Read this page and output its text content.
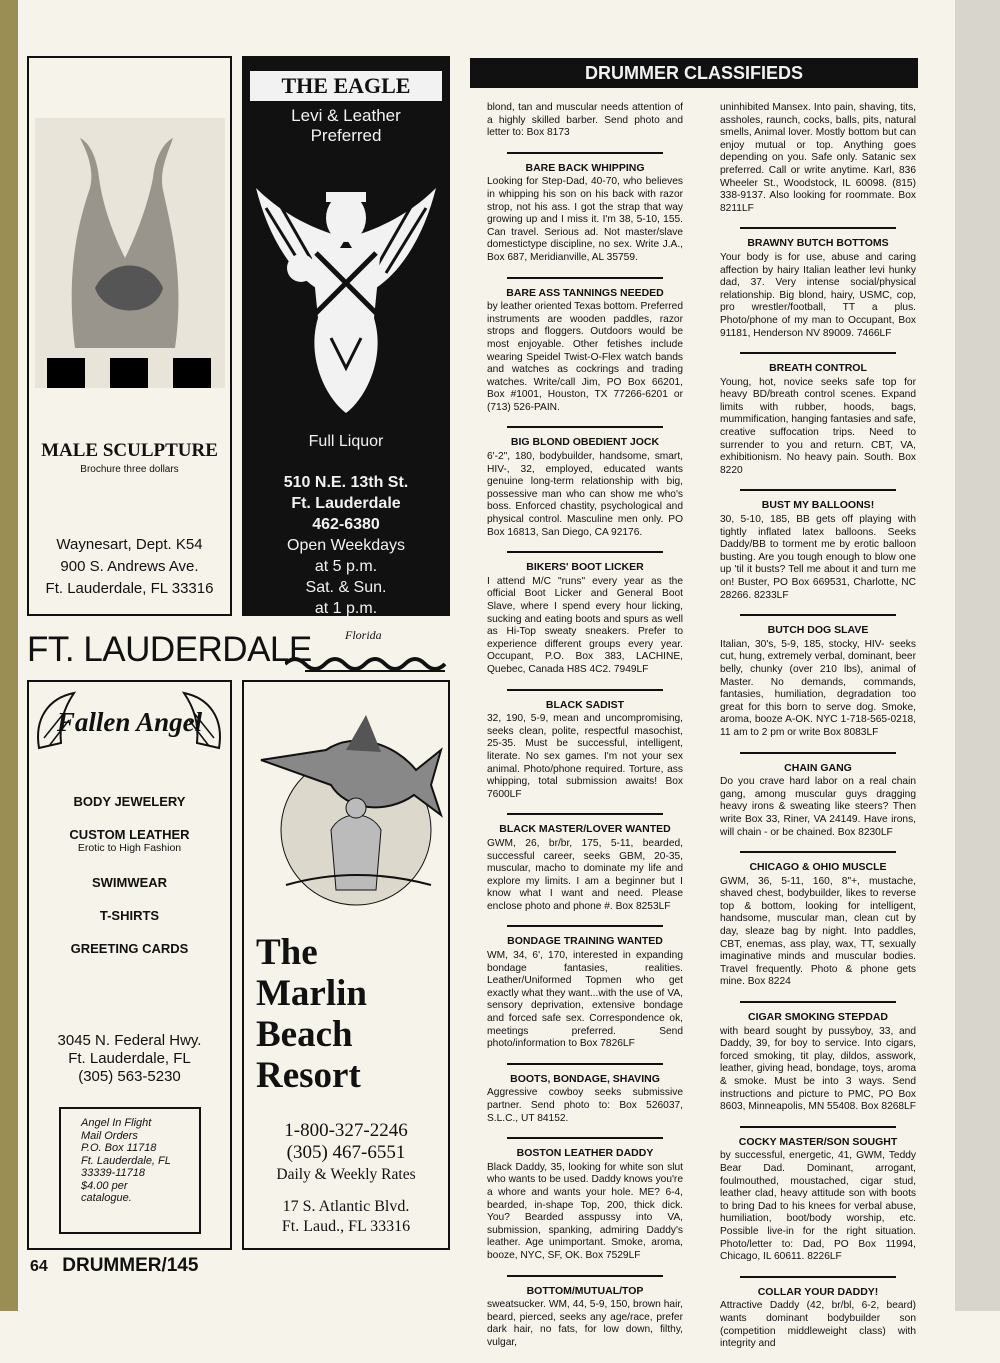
MALE SCULPTURE
Brochure three dollars
Waynesart, Dept. K54
900 S. Andrews Ave.
Ft. Lauderdale, FL 33316
THE EAGLE
Levi & Leather
Preferred
Full Liquor
510 N.E. 13th St.
Ft. Lauderdale
462-6380
Open Weekdays
at 5 p.m.
Sat. & Sun.
at 1 p.m.
FT. LAUDERDALE	Florida
Fallen Angel
BODY JEWELERY
CUSTOM LEATHER
Erotic to High Fashion
SWIMWEAR
T-SHIRTS
GREETING CARDS
3045 N. Federal Hwy.
Ft. Lauderdale, FL
(305) 563-5230
Angel In Flight
Mail Orders
P.O. Box 11718
Ft. Lauderdale, FL
33339-11718
$4.00 per
catalogue.
The
Marlin
Beach
Resort
1-800-327-2246
(305) 467-6551
Daily & Weekly Rates
17 S. Atlantic Blvd.
Ft. Laud., FL 33316
64 DRUMMER/145
DRUMMER CLASSIFIEDS

blond, tan and muscular needs attention of a highly skilled barber. Send photo and letter to: Box 8173

BARE BACK WHIPPING

Looking for Step-Dad, 40-70, who believes in whipping his son on his back with razor strop, not his ass. I got the strap that way growing up and I miss it. I'm 38, 5-10, 155. Can travel. Serious ad. Not master/slave domestictype discipline, no sex. Write J.A., Box 687, Meridianville, AL 35759.

BARE ASS TANNINGS NEEDED

by leather oriented Texas bottom. Preferred instruments are wooden paddles, razor strops and floggers. Outdoors would be most enjoyable. Other fetishes include wearing Speidel Twist-O-Flex watch bands and watches as cockrings and trading watches. Write/call Jim, PO Box 66201, Box #1001, Houston, TX 77266-6201 or (713) 526-PAIN.

BIG BLOND OBEDIENT JOCK

6'-2", 180, bodybuilder, handsome, smart, HIV-, 32, employed, educated wants genuine long-term relationship with big, possessive man who can show me who's boss. Enforced chastity, psychological and physical control. Masculine men only. PO Box 16813, San Diego, CA 92176.

BIKERS' BOOT LICKER

I attend M/C "runs" every year as the official Boot Licker and General Boot Slave, where I spend every hour licking, sucking and eating boots and spurs as well as Hi-Top sweaty sneakers. Prefer to experience different groups every year. Occupant, P.O. Box 383, LACHINE, Quebec, Canada H8S 4C2. 7949LF

BLACK SADIST

32, 190, 5-9, mean and uncompromising, seeks clean, polite, respectful masochist, 25-35. Must be successful, intelligent, literate. No sex games. I'm not your sex animal. Photo/phone required. Torture, ass whipping, total submission awaits! Box 7600LF

BLACK MASTER/LOVER WANTED

GWM, 26, br/br, 175, 5-11, bearded, successful career, seeks GBM, 20-35, muscular, macho to dominate my life and explore my limits. I am a beginner but I know what I want and need. Please enclose photo and phone #. Box 8253LF

BONDAGE TRAINING WANTED

WM, 34, 6', 170, interested in expanding bondage fantasies, realities. Leather/Uniformed Topmen who get exactly what they want...with the use of VA, sensory deprivation, extensive bondage and forced safe sex. Correspondence ok, meetings preferred. Send photo/information to Box 7826LF

BOOTS, BONDAGE, SHAVING

Aggressive cowboy seeks submissive partner. Send photo to: Box 526037, S.L.C., UT 84152.

BOSTON LEATHER DADDY

Black Daddy, 35, looking for white son slut who wants to be used. Daddy knows you're a whore and wants your hole. ME? 6-4, bearded, in-shape Top, 200, thick dick. You? Bearded asspussy into VA, submission, spanking, admiring Daddy's leather. Age unimportant. Smoke, aroma, booze, NYC, SF, OK. Box 7529LF

BOTTOM/MUTUAL/TOP

sweatsucker. WM, 44, 5-9, 150, brown hair, beard, pierced, seeks any age/race, prefer dark hair, no fats, for low down, filthy, vulgar,

uninhibited Mansex. Into pain, shaving, tits, assholes, raunch, cocks, balls, pits, natural smells, Animal lover. Mostly bottom but can enjoy mutual or top. Anything goes depending on you. Safe only. Satanic sex preferred. Call or write anytime. Karl, 836 Wheeler St., Woodstock, IL 60098. (815) 338-9137. Also looking for roommate. Box 8211LF

BRAWNY BUTCH BOTTOMS

Your body is for use, abuse and caring affection by hairy Italian leather levi hunky dad, 37. Very intense social/physical relationship. Big blond, hairy, USMC, cop, pro wrestler/football, TT a plus. Photo/phone of my man to Occupant, Box 91181, Henderson NV 89009. 7466LF

BREATH CONTROL

Young, hot, novice seeks safe top for heavy BD/breath control scenes. Expand limits with rubber, hoods, bags, mummification, hanging fantasies and safe, creative suffocation trips. Need to surrender to you and return. CBT, VA, exhibitionism. No heavy pain. South. Box 8220

BUST MY BALLOONS!

30, 5-10, 185, BB gets off playing with tightly inflated latex balloons. Seeks Daddy/BB to torment me by erotic balloon busting. Are you tough enough to blow one up 'til it busts? Tell me about it and turn me on! Buster, PO Box 669531, Charlotte, NC 28266. 8233LF

BUTCH DOG SLAVE

Italian, 30's, 5-9, 185, stocky, HIV- seeks cut, hung, extremely verbal, dominant, beer belly, chunky (over 210 lbs), animal of Master. No demands, commands, fantasies, humiliation, degradation too great for this born to serve dog. Smoke, aroma, booze A-OK. NYC 1-718-565-0218, 11 am to 2 pm or write Box 8083LF

CHAIN GANG

Do you crave hard labor on a real chain gang, among muscular guys dragging heavy irons & sweating like steers? Then write Box 33, Riner, VA 24149. Have irons, will chain - or be chained. Box 8230LF

CHICAGO & OHIO MUSCLE

GWM, 36, 5-11, 160, 8"+, mustache, shaved chest, bodybuilder, likes to reverse top & bottom, looking for intelligent, handsome, muscular man, clean cut by day, sleaze bag by night. Into paddles, CBT, enemas, ass play, wax, TT, sexually imaginative minds and muscular bodies. Travel frequently. Photo & phone gets mine. Box 8224

CIGAR SMOKING STEPDAD

with beard sought by pussyboy, 33, and Daddy, 39, for boy to service. Into cigars, forced smoking, tit play, dildos, asswork, leather, giving head, bondage, toys, aroma & smoke. Must be into 3 ways. Send instructions and picture to PMC, PO Box 8603, Minneapolis, MN 55408. Box 8268LF

COCKY MASTER/SON SOUGHT

by successful, energetic, 41, GWM, Teddy Bear Dad. Dominant, arrogant, foulmouthed, moustached, cigar stud, leather clad, heavy attitude son with boots to bring Dad to his knees for verbal abuse, humiliation, boot/body worship, etc. Possible live-in for the right situation. Photo/letter to: Dad, PO Box 11994, Chicago, IL 60611. 8226LF

COLLAR YOUR DADDY!

Attractive Daddy (42, br/bl, 6-2, beard) wants dominant bodybuilder son (competition middleweight class) with integrity and
